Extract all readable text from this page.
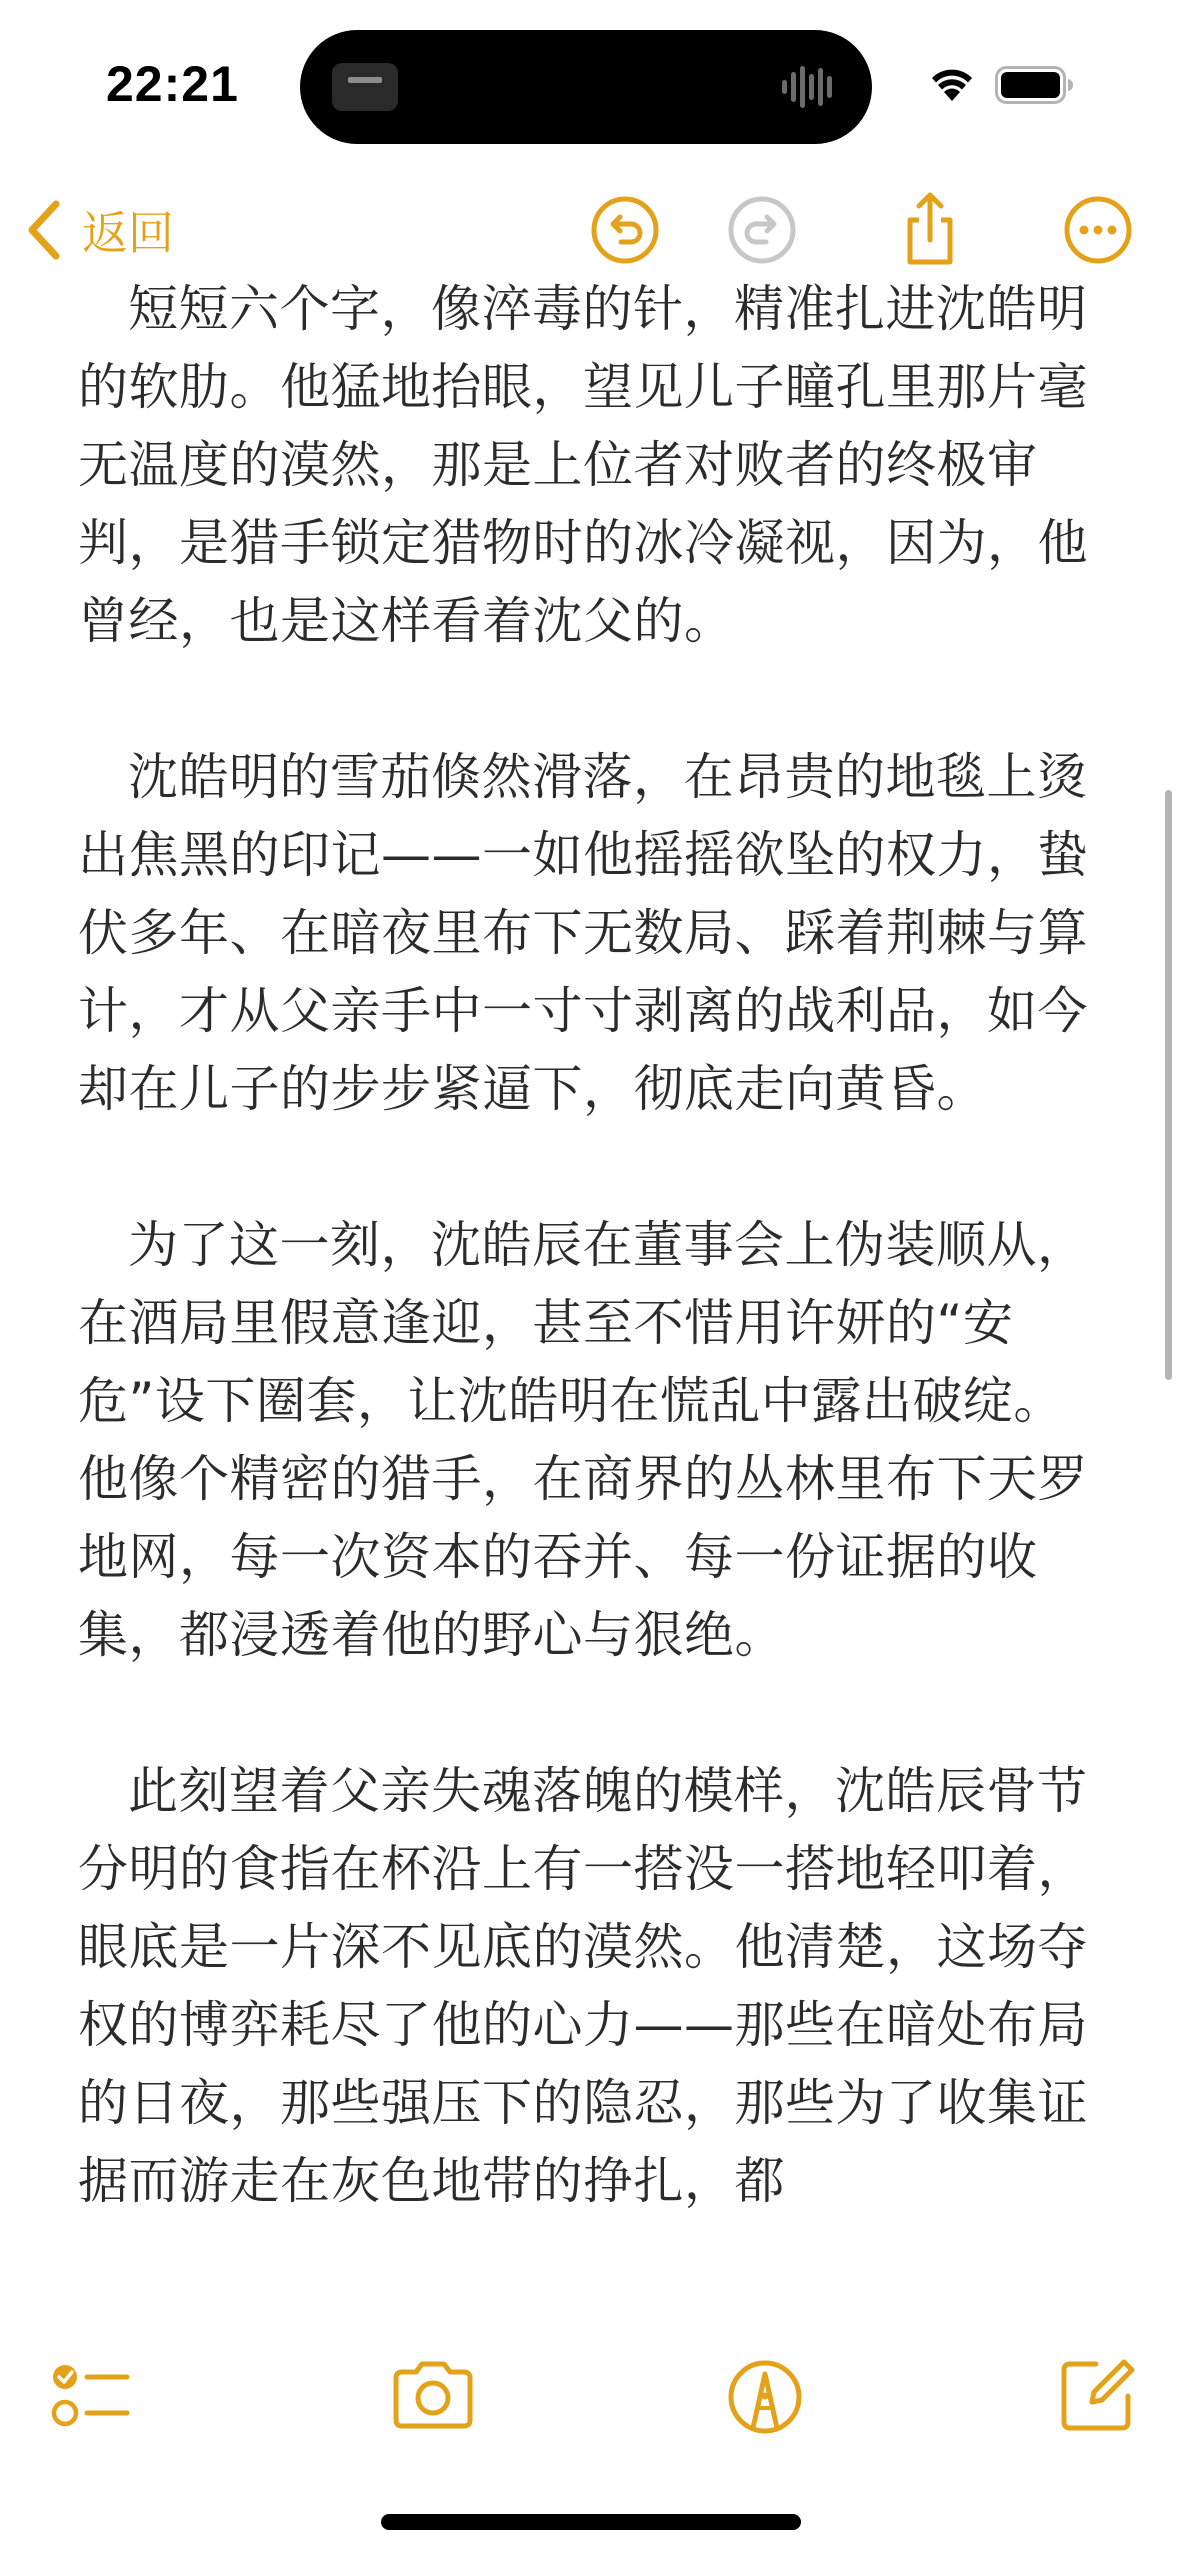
22:21
返回

短短六个字，像淬毒的针，精准扎进沈皓明的软肋。他猛地抬眼，望见儿子瞳孔里那片毫无温度的漠然，那是上位者对败者的终极审判，是猎手锁定猎物时的冰冷凝视，因为，他曾经，也是这样看着沈父的。

沈皓明的雪茄倏然滑落，在昂贵的地毯上烫出焦黑的印记——一如他摇摇欲坠的权力，蛰伏多年、在暗夜里布下无数局、踩着荆棘与算计，才从父亲手中一寸寸剥离的战利品，如今却在儿子的步步紧逼下，彻底走向黄昏。

为了这一刻，沈皓辰在董事会上伪装顺从，在酒局里假意逢迎，甚至不惜用许妍的“安危”设下圈套，让沈皓明在慌乱中露出破绽。他像个精密的猎手，在商界的丛林里布下天罗地网，每一次资本的吞并、每一份证据的收集，都浸透着他的野心与狠绝。

此刻望着父亲失魂落魄的模样，沈皓辰骨节分明的食指在杯沿上有一搭没一搭地轻叩着，眼底是一片深不见底的漠然。他清楚，这场夺权的博弈耗尽了他的心力——那些在暗处布局的日夜，那些强压下的隐忍，那些为了收集证据而游走在灰色地带的挣扎，都
